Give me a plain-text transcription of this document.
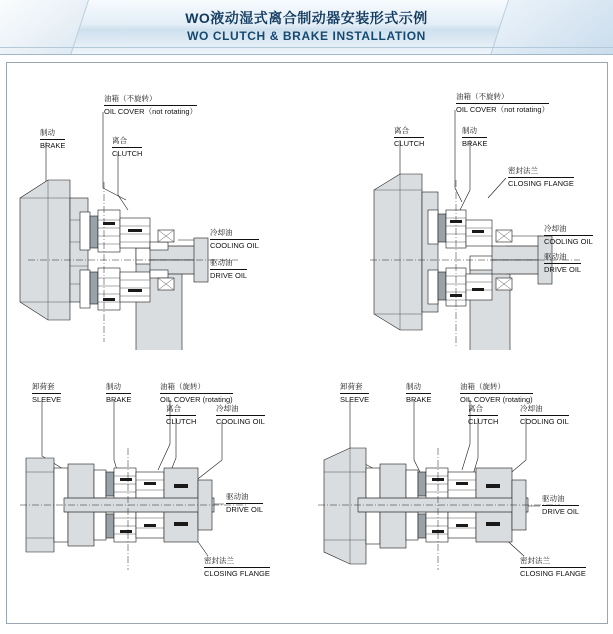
WO液动湿式离合制动器安装形式示例
WO CLUTCH & BRAKE INSTALLATION
油箱（不旋转）
OIL COVER（not rotating）
制动
BRAKE
离合
CLUTCH
冷却油
COOLING OIL
驱动油
DRIVE OIL
油箱（不旋转）
OIL COVER（not rotating）
离合
CLUTCH
制动
BRAKE
密封法兰
CLOSING FLANGE
冷却油
COOLING OIL
驱动油
DRIVE OIL
卸荷套
SLEEVE
制动
BRAKE
油箱（旋转）
OIL COVER (rotating)
离合
CLUTCH
冷却油
COOLING OIL
驱动油
DRIVE OIL
密封法兰
CLOSING FLANGE
卸荷套
SLEEVE
制动
BRAKE
油箱（旋转）
OIL COVER (rotating)
离合
CLUTCH
冷却油
COOLING OIL
驱动油
DRIVE OIL
密封法兰
CLOSING FLANGE
